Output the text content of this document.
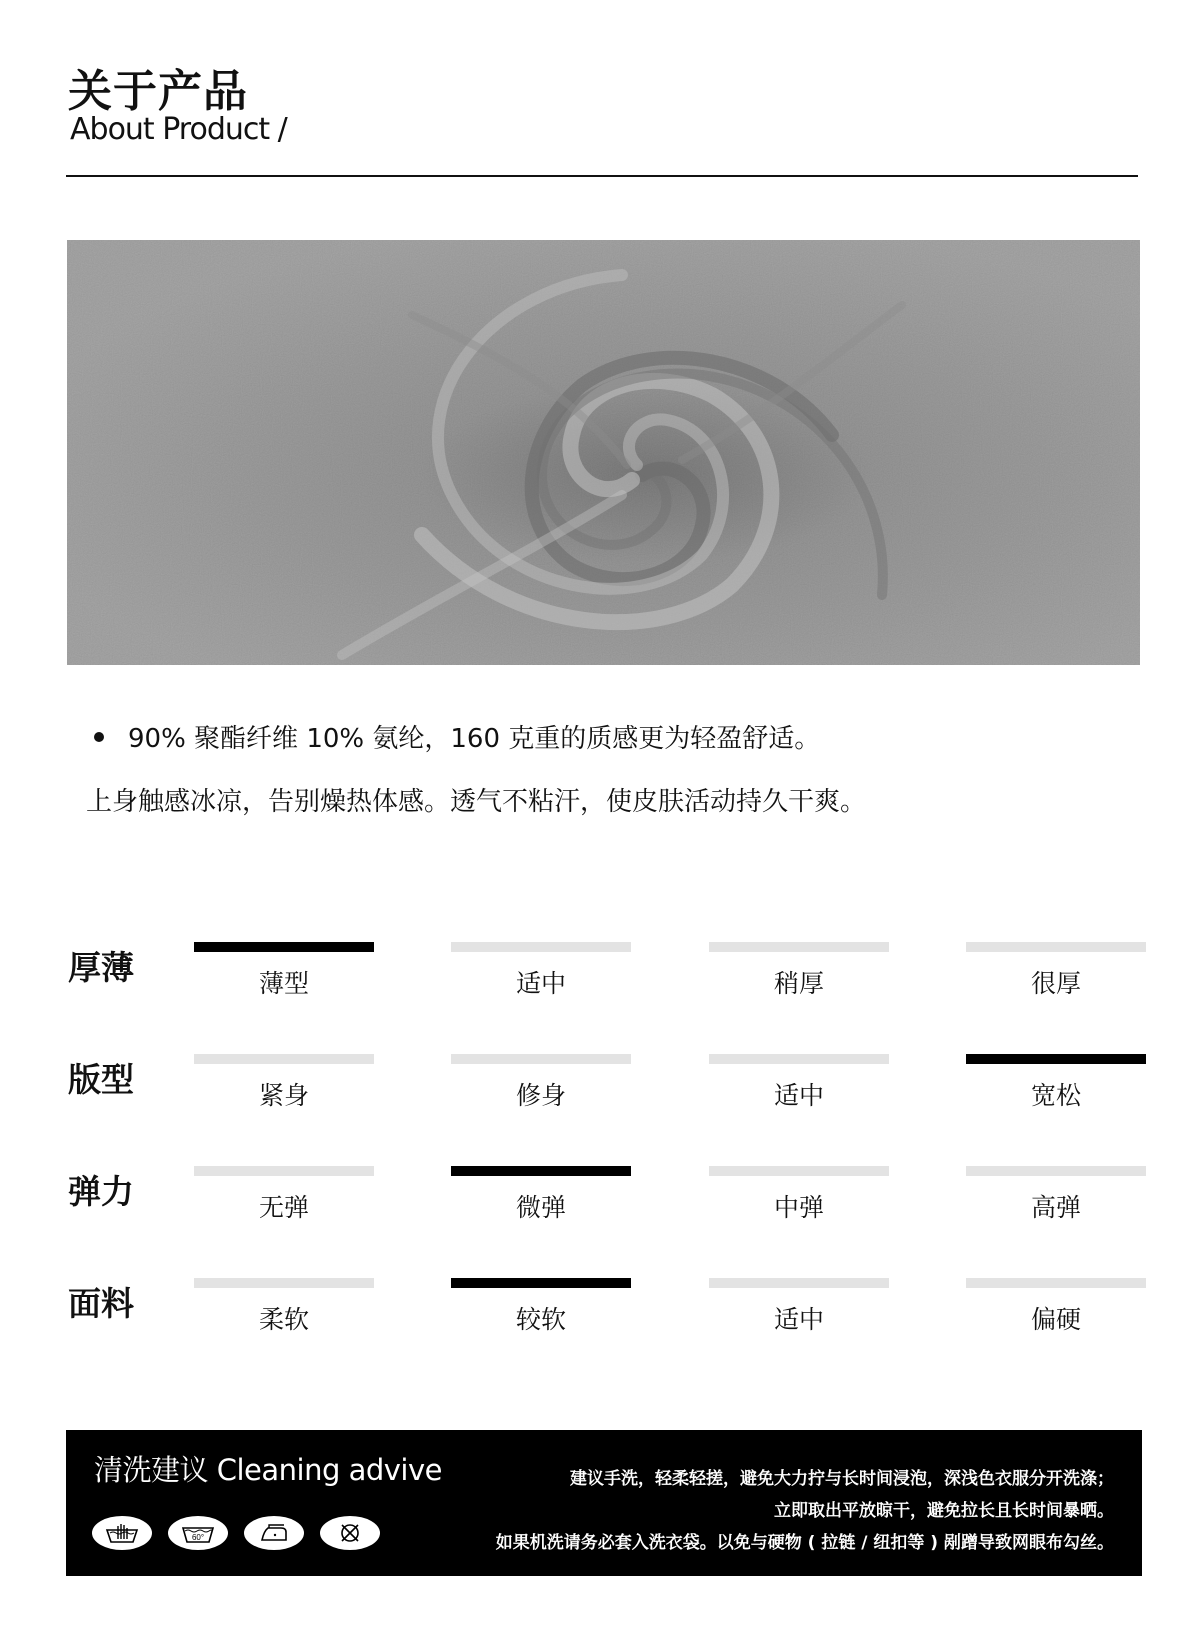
关于产品

About Product /

90% 聚酯纤维 10% 氨纶，160 克重的质感更为轻盈舒适。

上身触感冰凉，告别燥热体感。透气不粘汗，使皮肤活动持久干爽。

厚薄	薄型	适中	稍厚	很厚

版型	紧身	修身	适中	宽松

弹力	无弹	微弹	中弹	高弹

面料	柔软	较软	适中	偏硬

清洗建议 Cleaning advive	建议手洗，轻柔轻搓，避免大力拧与长时间浸泡，深浅色衣服分开洗涤；

立即取出平放晾干，避免拉长且长时间暴晒。

如果机洗请务必套入洗衣袋。以免与硬物 ( 拉链 / 纽扣等 ) 剐蹭导致网眼布勾丝。

60°
